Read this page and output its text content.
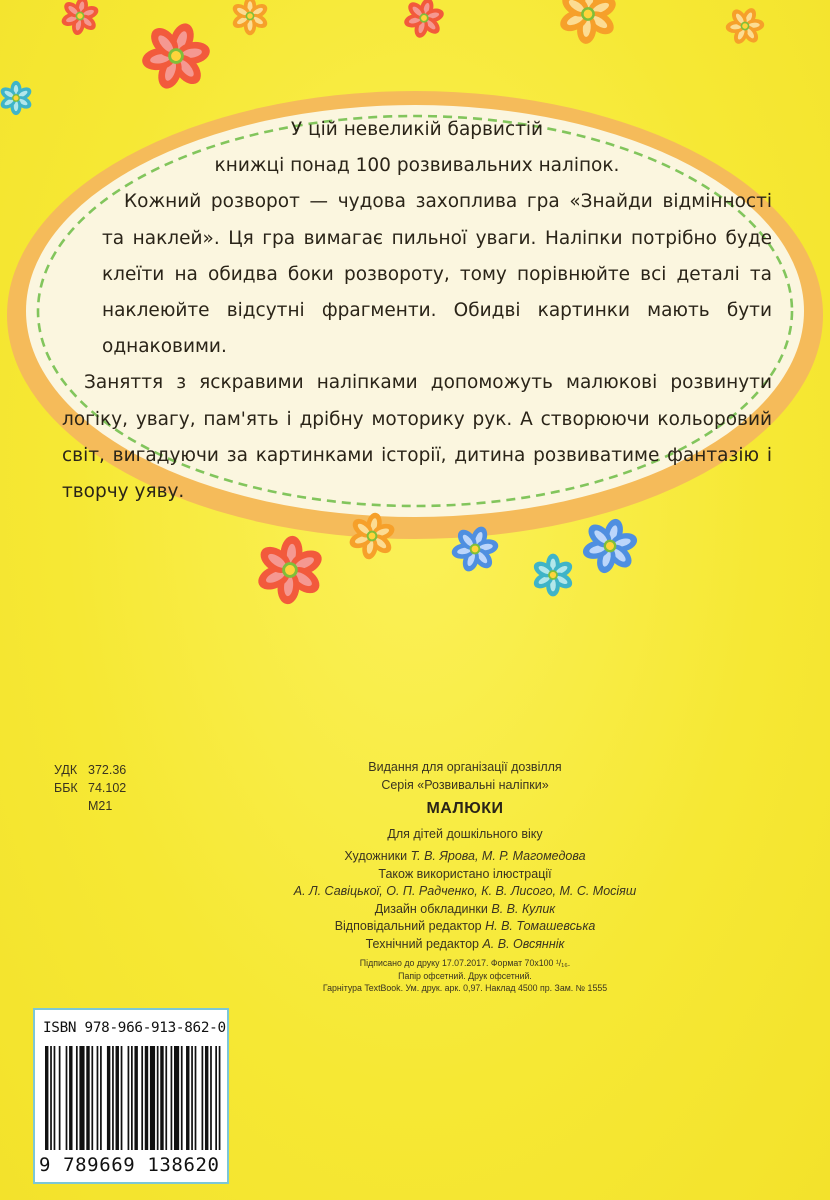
У цій невеликій барвистій

книжці понад 100 розвивальних наліпок.

Кожний розворот — чудова захоплива гра «Знайди відмінності та наклей». Ця гра вимагає пильної уваги. Наліпки потрібно буде клеїти на обидва боки розвороту, тому порівнюйте всі деталі та наклеюйте відсутні фрагменти. Обидві картинки мають бути однаковими.

Заняття з яскравими наліпками допоможуть малюкові розвинути логіку, увагу, пам'ять і дрібну моторику рук. А створюючи кольоровий світ, вигадуючи за картинками історії, дитина розвиватиме фантазію і творчу уяву.

УДК 372.36
ББК 74.102
М21
Видання для організації дозвілля
Серія «Розвивальні наліпки»
МАЛЮКИ
Для дітей дошкільного віку
Художники Т. В. Ярова, М. Р. Магомедова
Також використано ілюстрації
А. Л. Савіцької, О. П. Радченко, К. В. Лисого, М. С. Мосіяш
Дизайн обкладинки В. В. Кулик
Відповідальний редактор Н. В. Томашевська
Технічний редактор А. В. Овсяннік
Підписано до друку 17.07.2017. Формат 70x100 ¹/₁₆.
Папір офсетний. Друк офсетний.
Гарнітура TextBook. Ум. друк. арк. 0,97. Наклад 4500 пр. Зам. № 1555
ISBN 978-966-913-862-0
9 789669 138620
